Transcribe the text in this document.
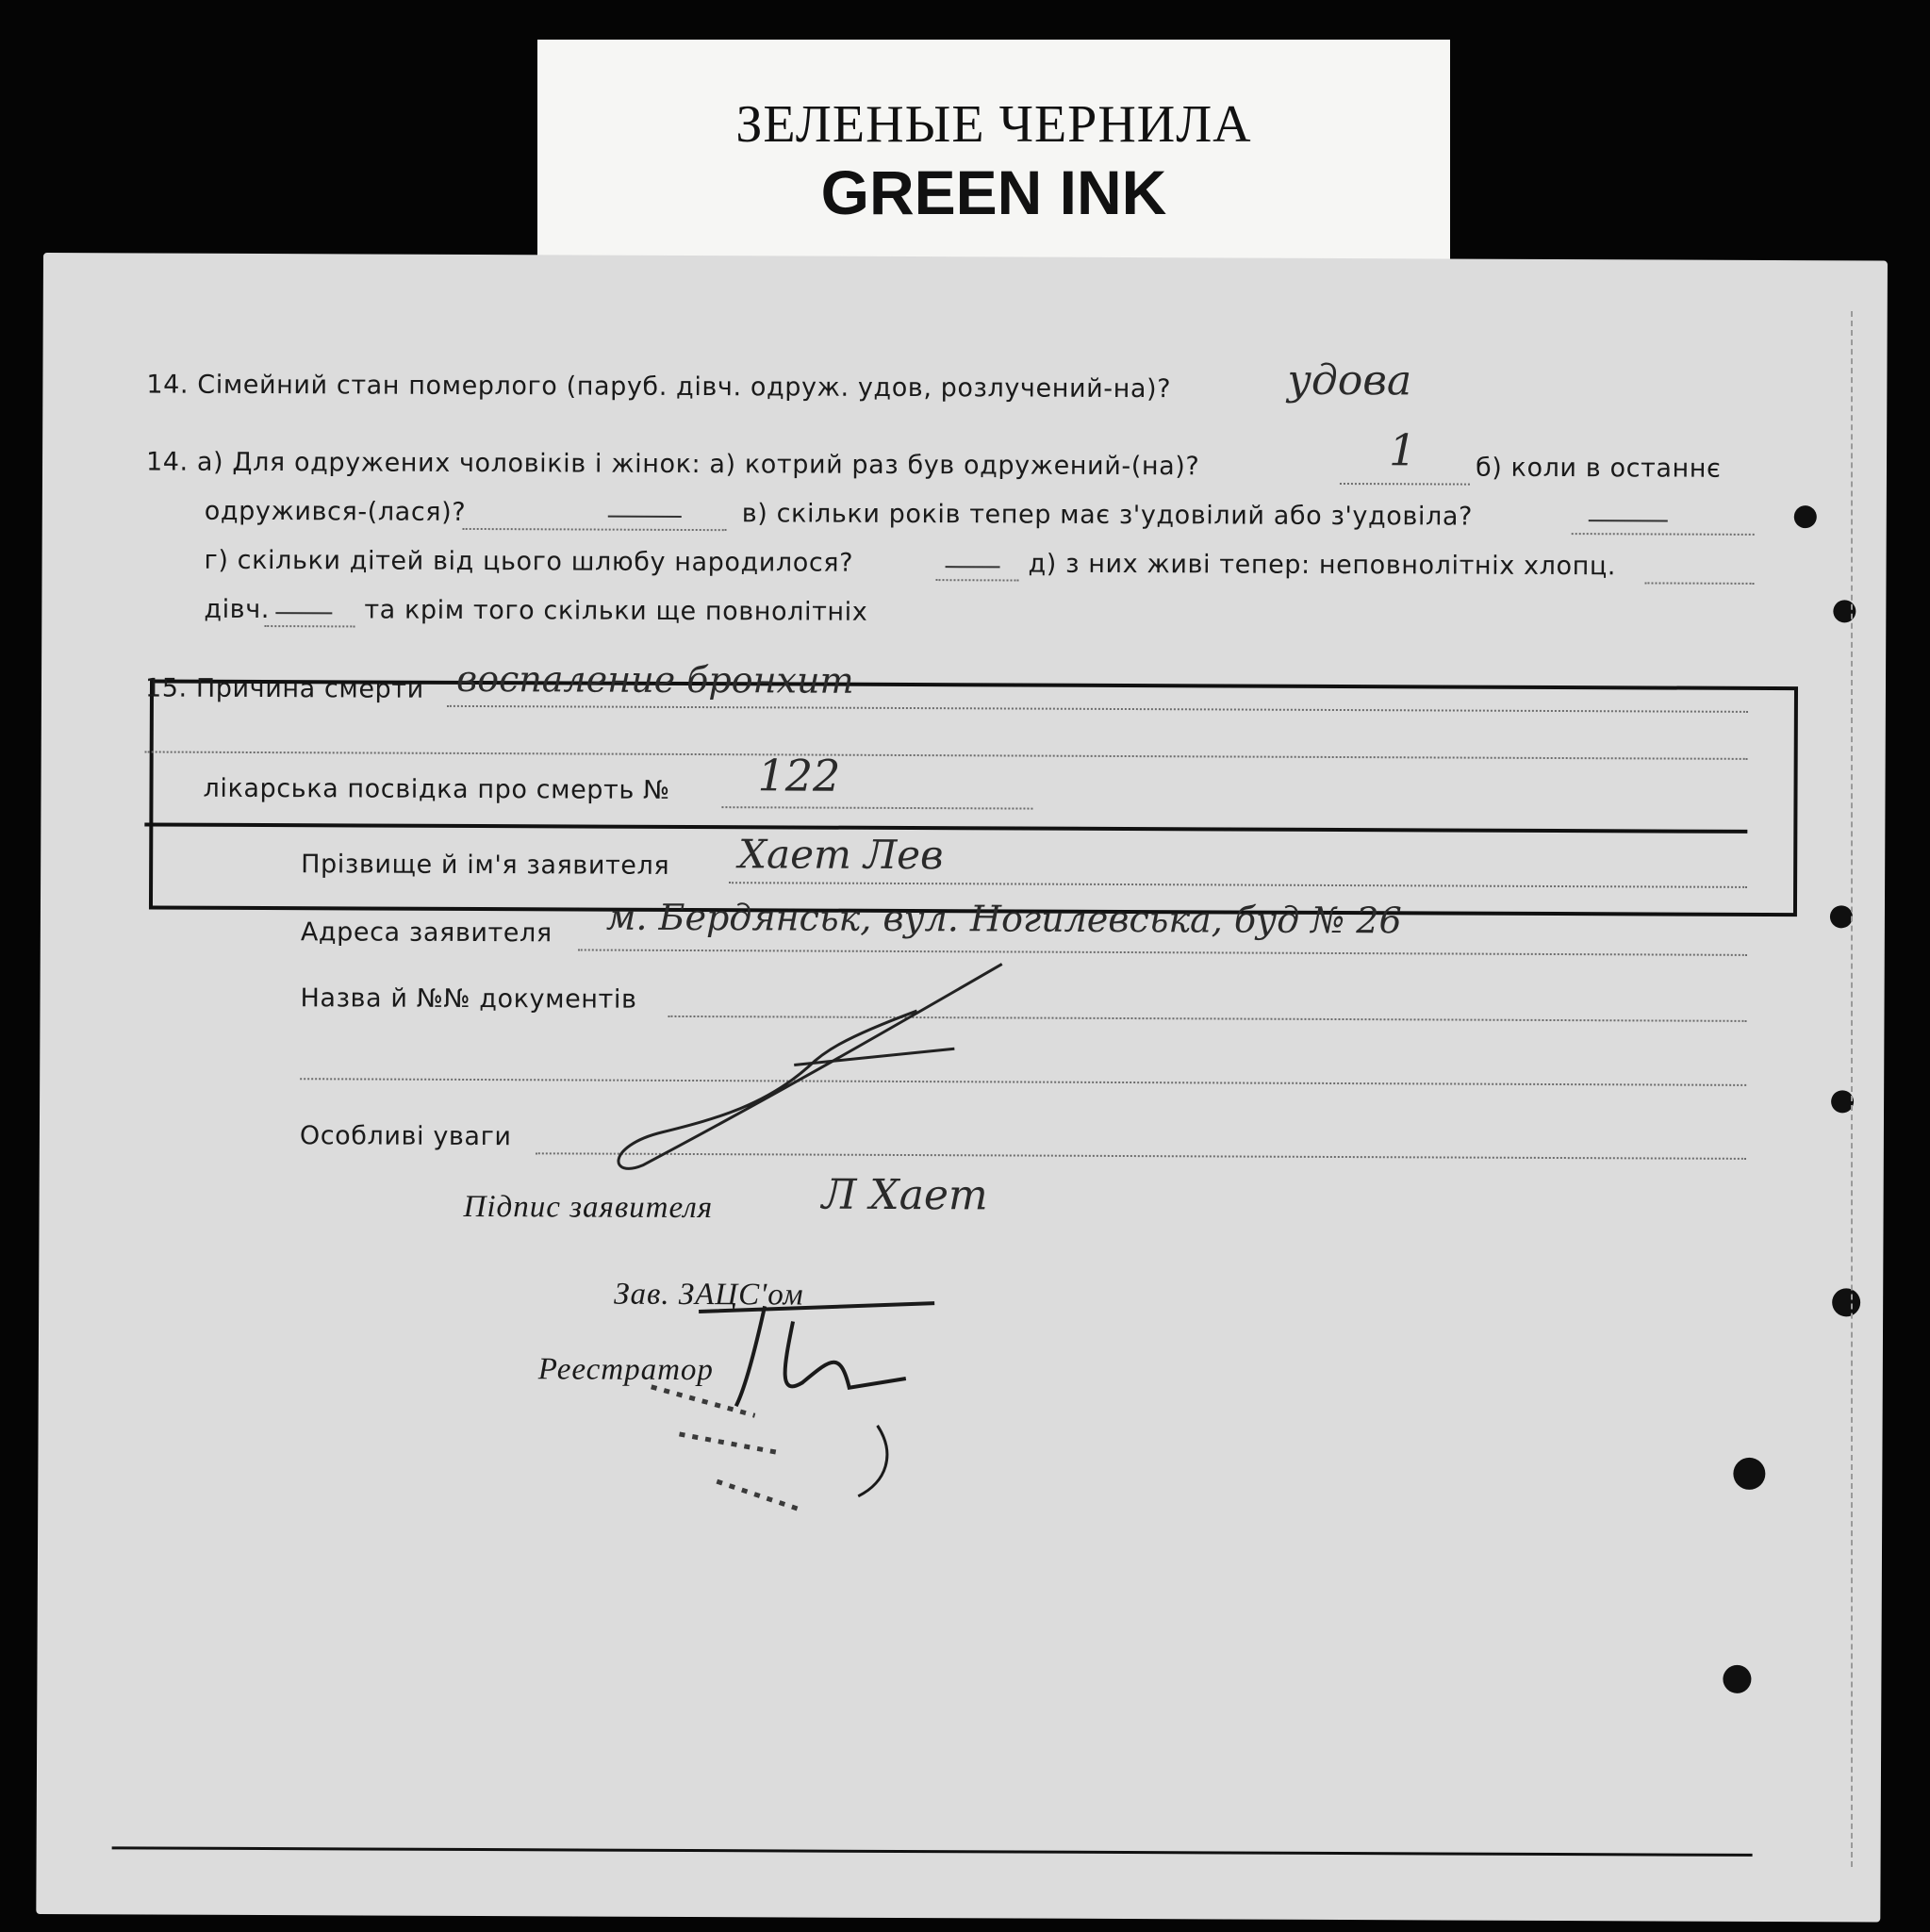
ЗЕЛЕНЫЕ ЧЕРНИЛА
GREEN INK
14. Сімейний стан померлого (паруб. дівч. одруж. удов, розлучений-на)?	удова
14. а) Для одружених чоловіків і жінок: а) котрий раз був одружений-(на)?	1 б) коли в останнє
одружився-(лася)?	в) скільки років тепер має з'удовілий або з'удовіла?
г) скільки дітей від цього шлюбу народилося?	д) з них живі тепер: неповнолітніх хлопц.
дівч.	та крім того скільки ще повнолітніх
15. Причина смерти воспаление бронхит
лікарська посвідка про смерть № 122
Прізвище й ім'я заявителя Хает Лев
Адреса заявителя м. Бердянськ, вул. Ногилевська, буд № 26
Назва й №№ документів
Особливі уваги
Підпис заявителя	Л Хает
Зав. ЗАЦС'ом
Реестратор
